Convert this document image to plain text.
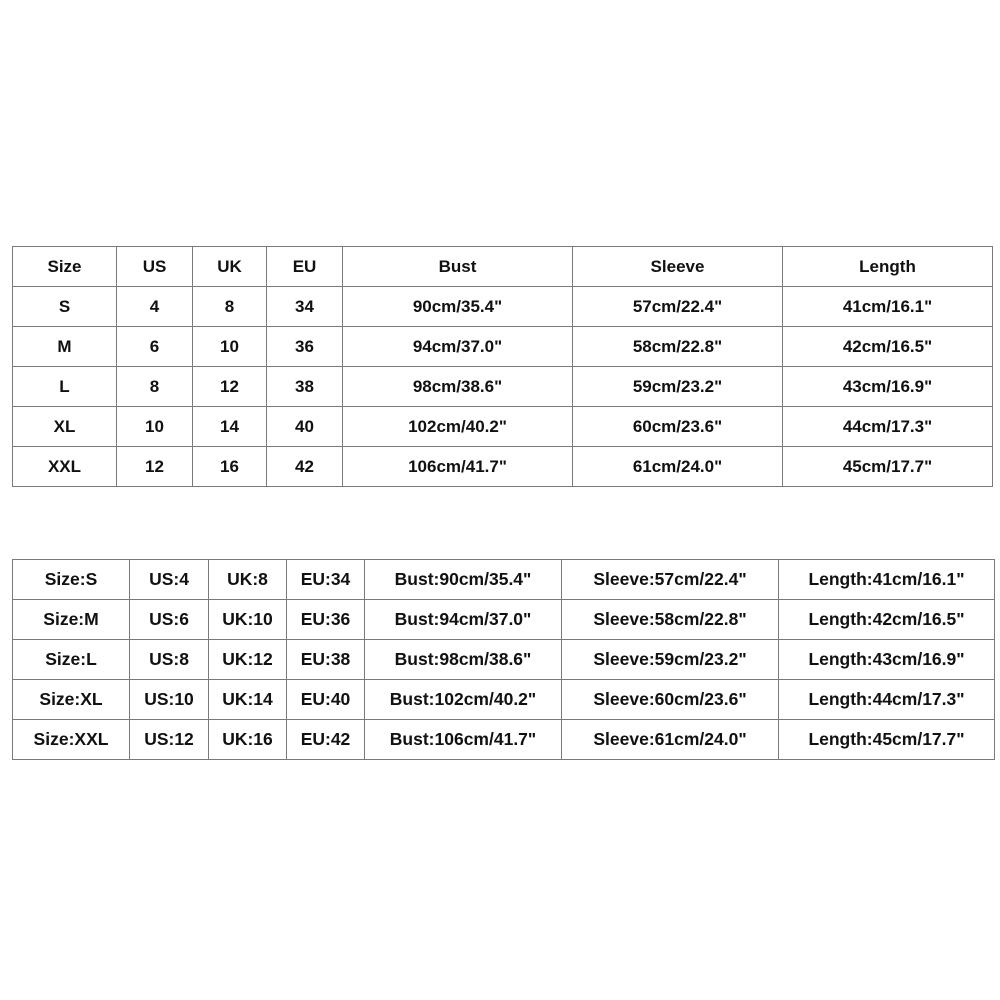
Size	US	UK	EU	Bust	Sleeve	Length
S	4	8	34	90cm/35.4"	57cm/22.4"	41cm/16.1"
M	6	10	36	94cm/37.0"	58cm/22.8"	42cm/16.5"
L	8	12	38	98cm/38.6"	59cm/23.2"	43cm/16.9"
XL	10	14	40	102cm/40.2"	60cm/23.6"	44cm/17.3"
XXL	12	16	42	106cm/41.7"	61cm/24.0"	45cm/17.7"
Size:S	US:4	UK:8	EU:34	Bust:90cm/35.4"	Sleeve:57cm/22.4"	Length:41cm/16.1"
Size:M	US:6	UK:10	EU:36	Bust:94cm/37.0"	Sleeve:58cm/22.8"	Length:42cm/16.5"
Size:L	US:8	UK:12	EU:38	Bust:98cm/38.6"	Sleeve:59cm/23.2"	Length:43cm/16.9"
Size:XL	US:10	UK:14	EU:40	Bust:102cm/40.2"	Sleeve:60cm/23.6"	Length:44cm/17.3"
Size:XXL	US:12	UK:16	EU:42	Bust:106cm/41.7"	Sleeve:61cm/24.0"	Length:45cm/17.7"
